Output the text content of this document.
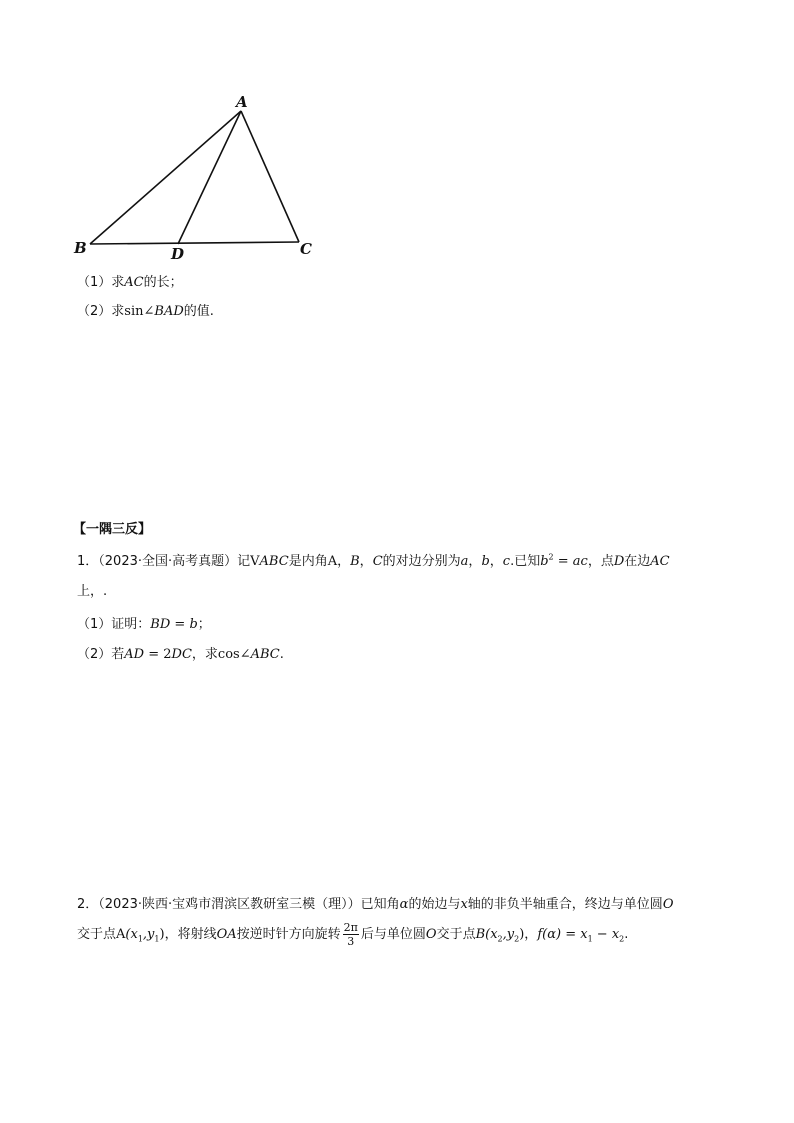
A
B	C
D
（1）求AC的长；
（2）求sin∠BAD的值.
【一隅三反】
1．（2023·全国·高考真题）记VABC是内角A，B，C的对边分别为a，b，c.已知$b^2$ = ac，点D在边AC
上，.
（1）证明：BD = b；
（2）若AD = 2DC，求cos∠ABC.
2．（2023·陕西·宝鸡市渭滨区教研室三模（理））已知角α的始边与x轴的非负半轴重合，终边与单位圆O
交于点$A(x_1,y_1)$，将射线OA按逆时针方向旋转 $\frac{2\pi}{3}$ 后与单位圆O交于点$B(x_2,y_2)$，$f(\alpha) = x_1 - x_2$.
